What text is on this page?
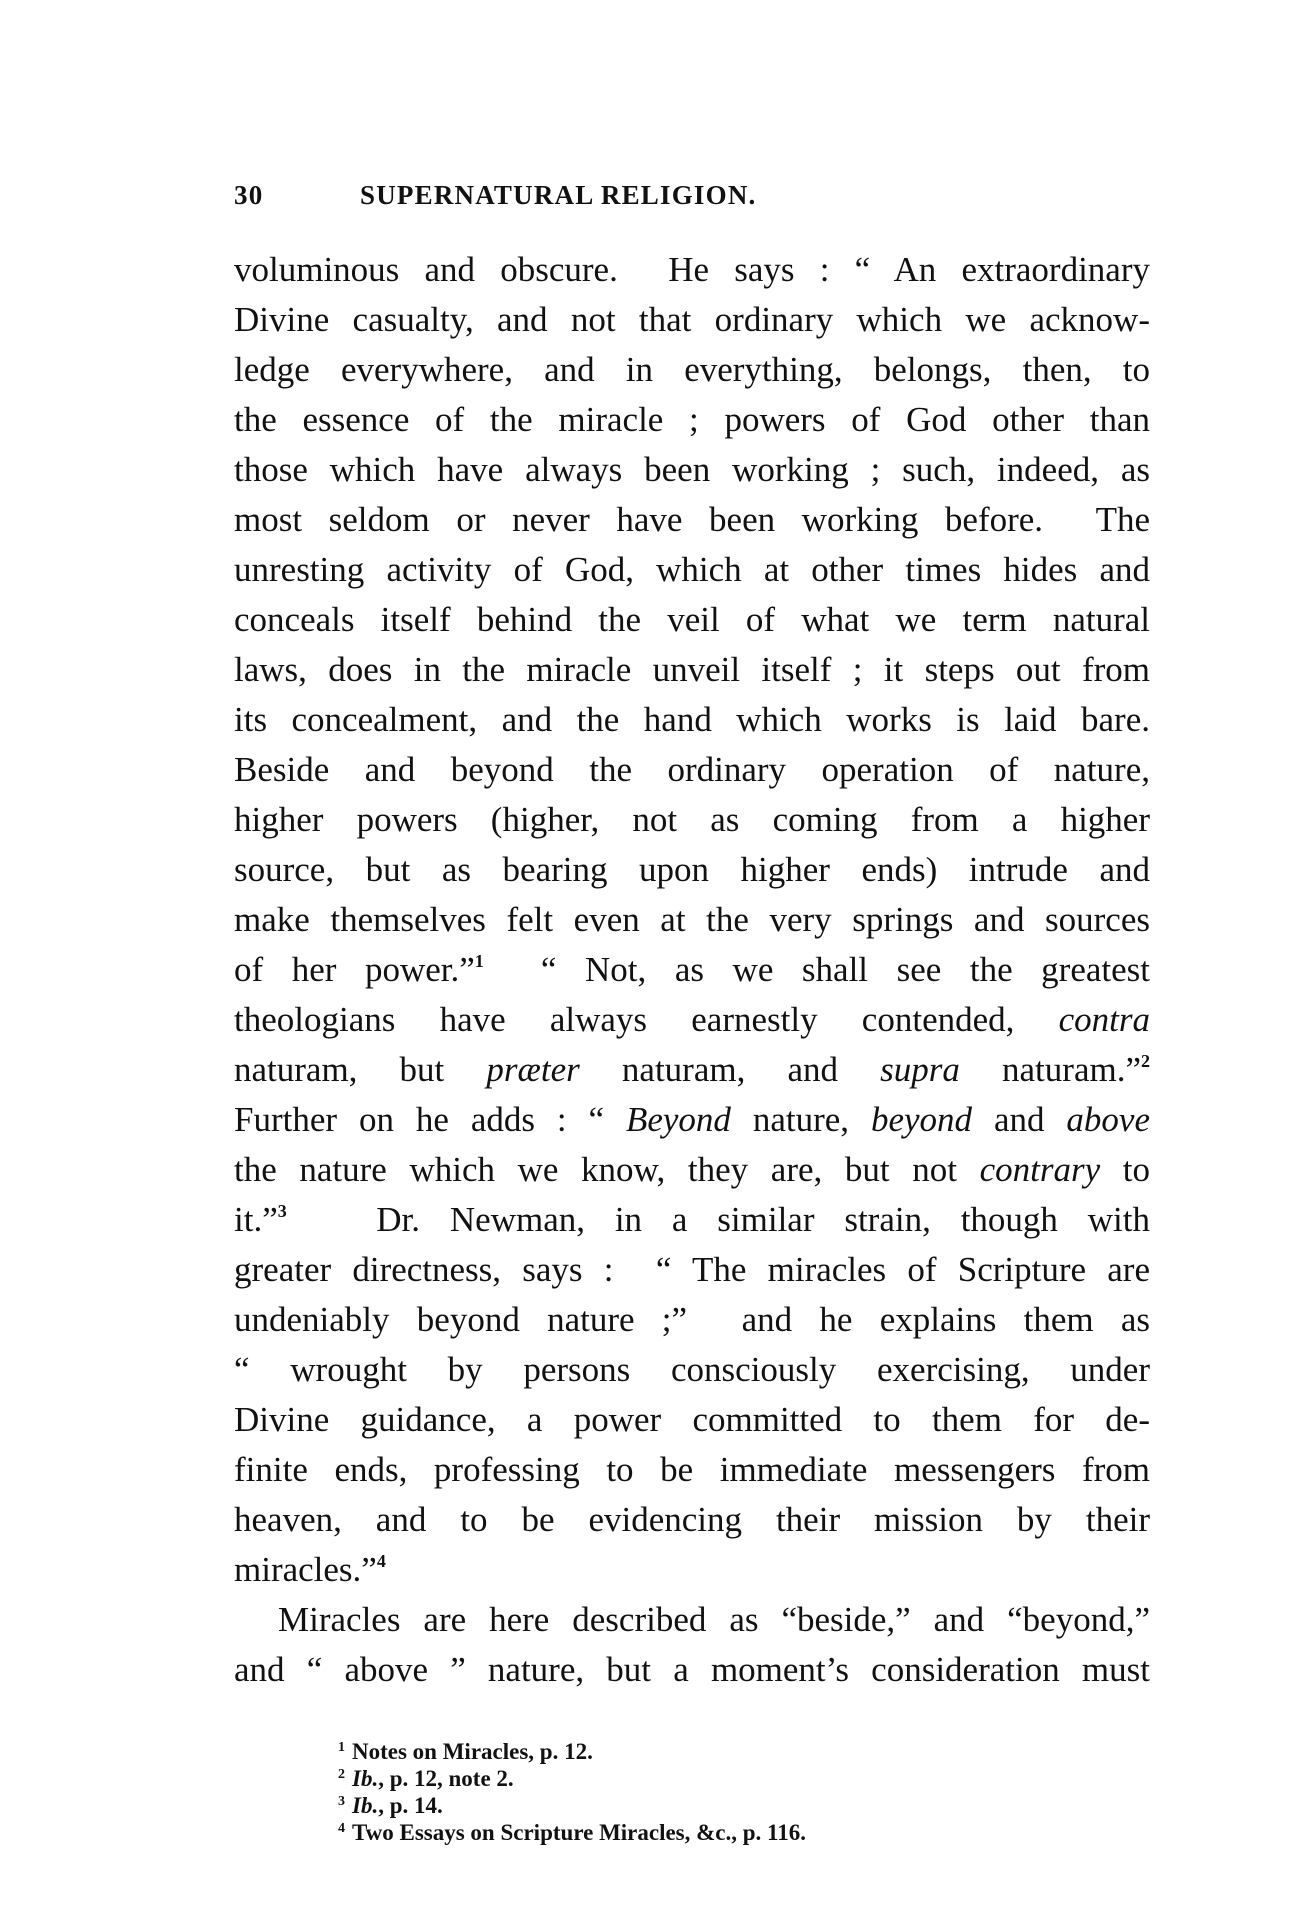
30	SUPERNATURAL RELIGION.
voluminous and obscure.  He says : “ An extraordinary
Divine casualty, and not that ordinary which we acknow-
ledge everywhere, and in everything, belongs, then, to
the essence of the miracle ; powers of God other than
those which have always been working ; such, indeed, as
most seldom or never have been working before.  The
unresting activity of God, which at other times hides and
conceals itself behind the veil of what we term natural
laws, does in the miracle unveil itself ; it steps out from
its concealment, and the hand which works is laid bare.
Beside and beyond the ordinary operation of nature,
higher powers (higher, not as coming from a higher
source, but as bearing upon higher ends) intrude and
make themselves felt even at the very springs and sources
of her power.”$^1$  “ Not, as we shall see the greatest
theologians have always earnestly contended, contra
naturam, but præter naturam, and supra naturam.”$^2$
Further on he adds : “ Beyond nature, beyond and above
the nature which we know, they are, but not contrary to
it.”$^3$   Dr. Newman, in a similar strain, though with
greater directness, says :  “ The miracles of Scripture are
undeniably beyond nature ;”  and he explains them as
“ wrought by persons consciously exercising, under
Divine guidance, a power committed to them for de-
finite ends, professing to be immediate messengers from
heaven, and to be evidencing their mission by their
miracles.”$^4$
Miracles are here described as “beside,” and “beyond,”
and “ above ” nature, but a moment’s consideration must
$^1$ Notes on Miracles, p. 12.
$^2$ Ib., p. 12, note 2.
$^3$ Ib., p. 14.
$^4$ Two Essays on Scripture Miracles, &c., p. 116.
